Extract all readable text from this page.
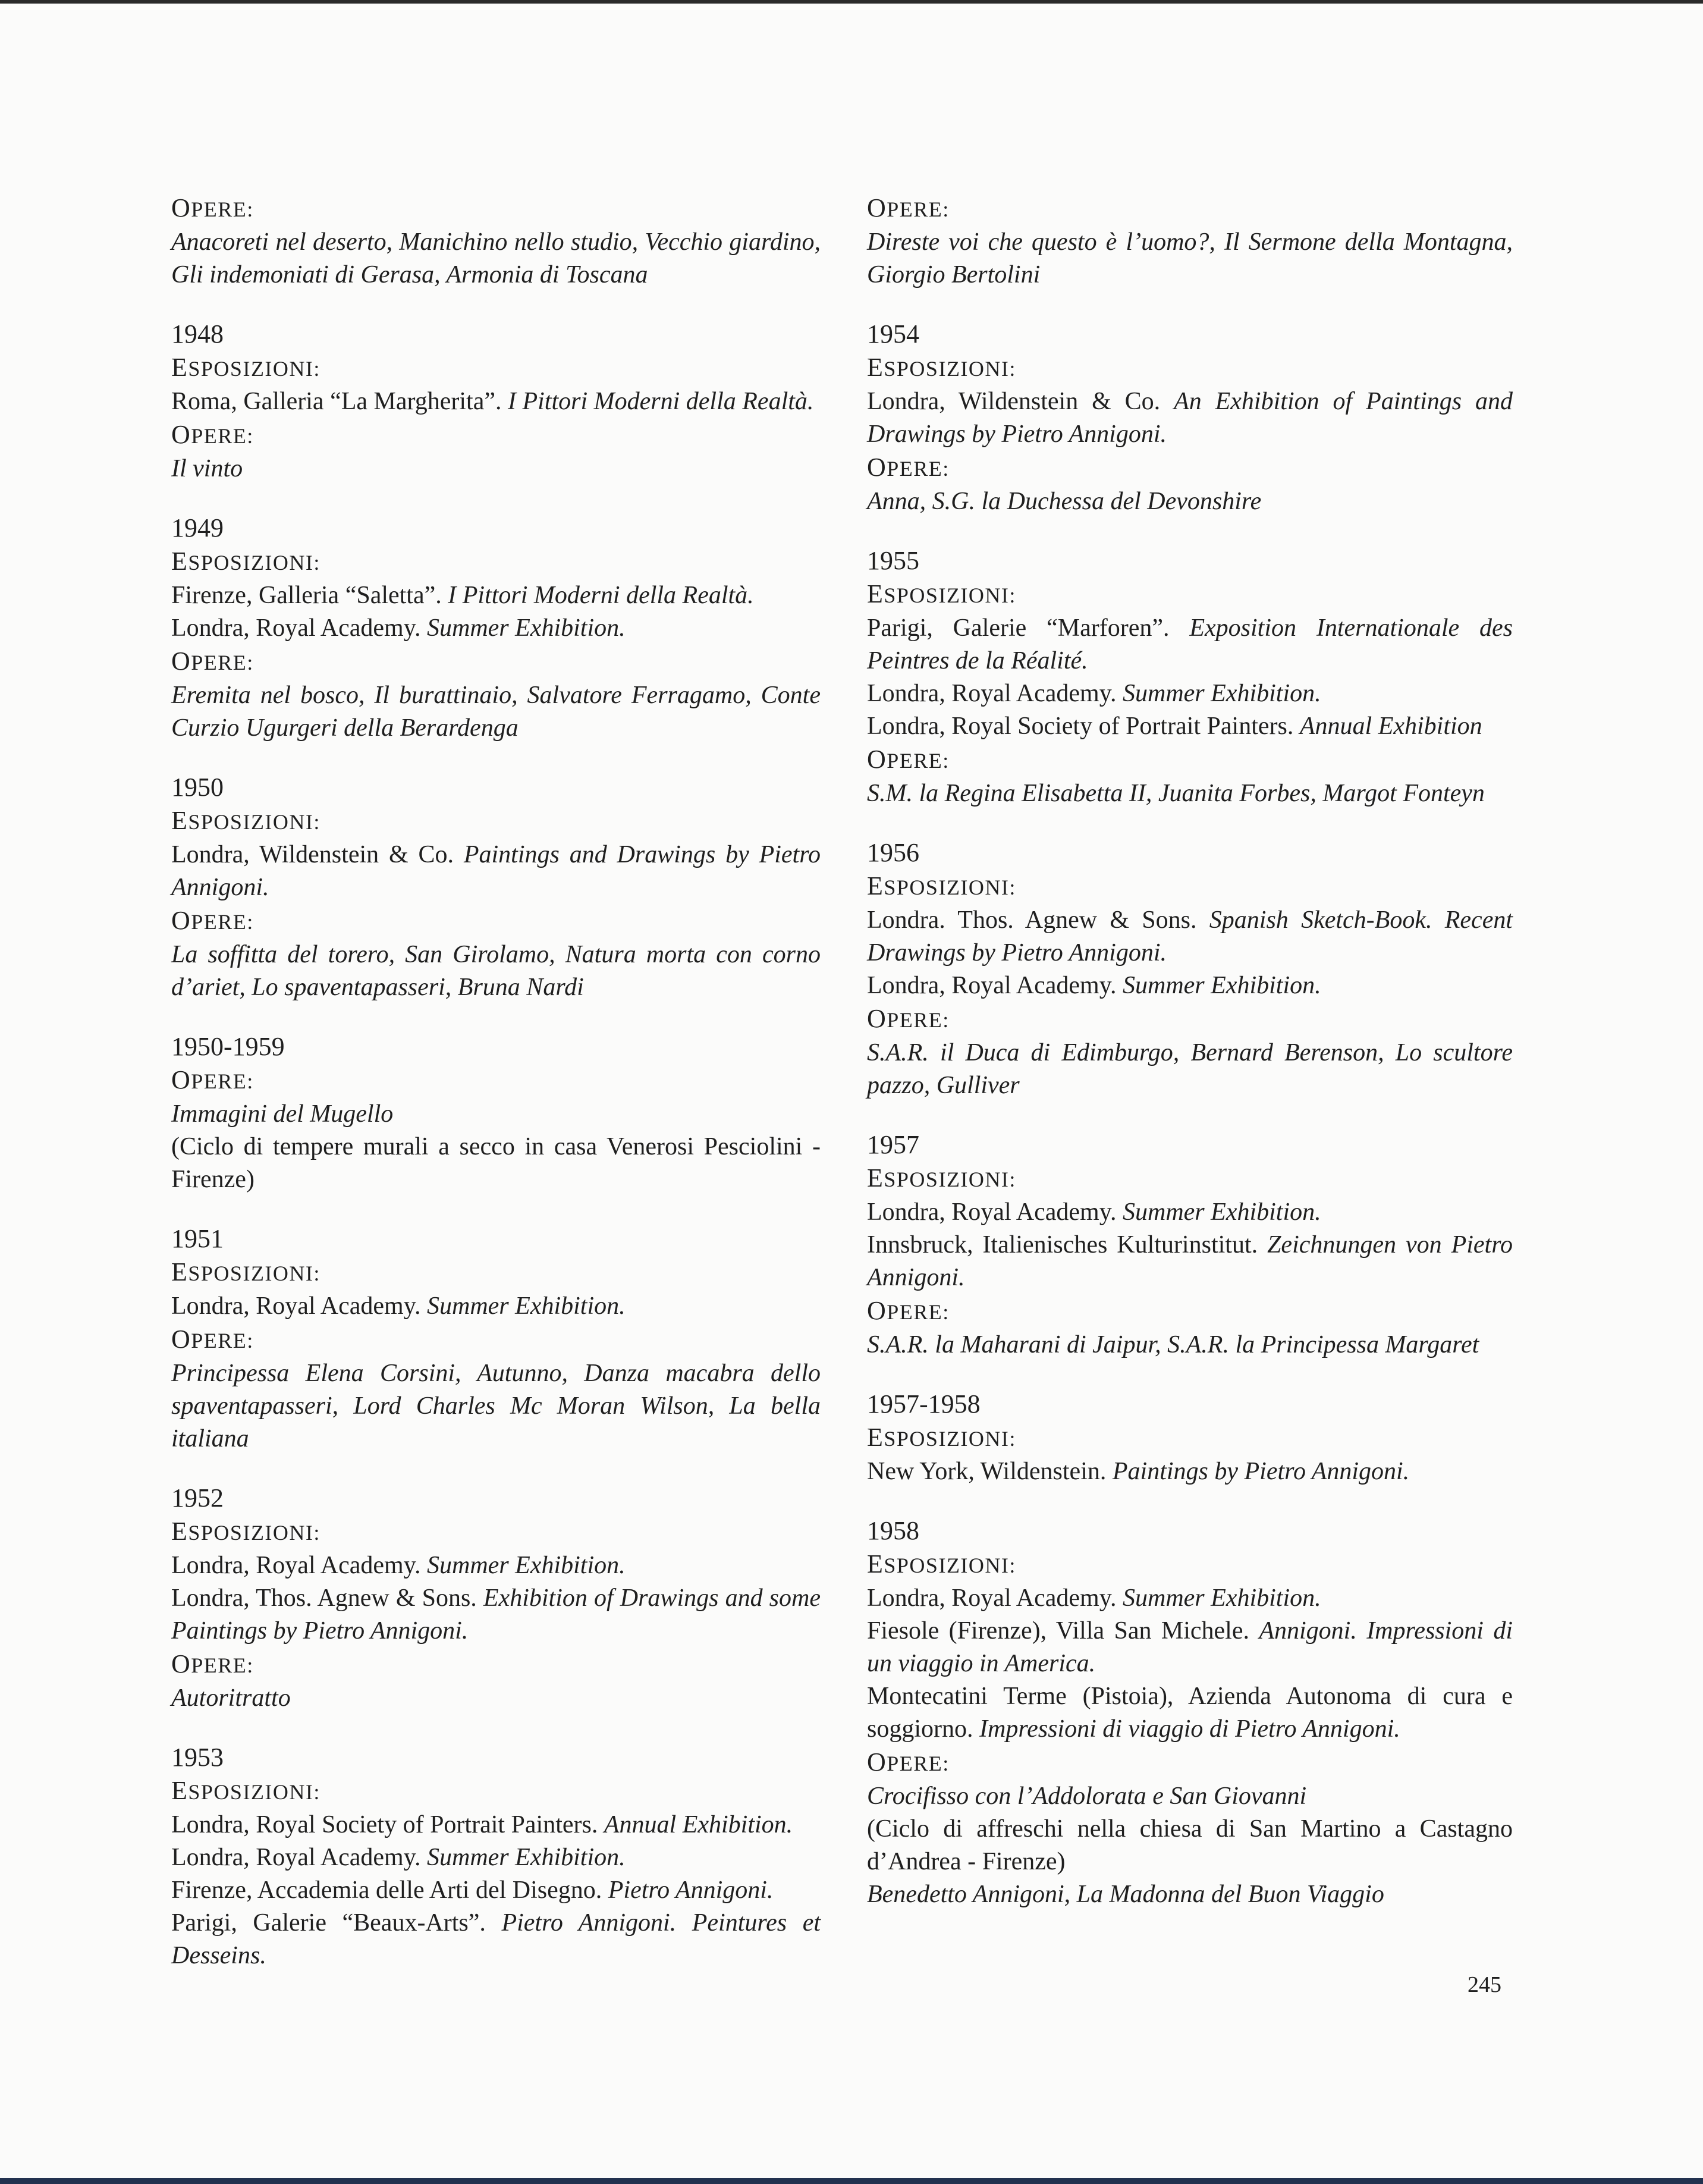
OPERE:
Anacoreti nel deserto, Manichino nello studio, Vecchio giardino, Gli indemoniati di Gerasa, Armonia di Toscana
1948
ESPOSIZIONI:
Roma, Galleria “La Margherita”. I Pittori Moderni della Realtà.
OPERE:
Il vinto
1949
ESPOSIZIONI:
Firenze, Galleria “Saletta”. I Pittori Moderni della Realtà.
Londra, Royal Academy. Summer Exhibition.
OPERE:
Eremita nel bosco, Il burattinaio, Salvatore Ferragamo, Conte Curzio Ugurgeri della Berardenga
1950
ESPOSIZIONI:
Londra, Wildenstein & Co. Paintings and Drawings by Pietro Annigoni.
OPERE:
La soffitta del torero, San Girolamo, Natura morta con corno d’ariet, Lo spaventapasseri, Bruna Nardi
1950-1959
OPERE:
Immagini del Mugello
(Ciclo di tempere murali a secco in casa Venerosi Pesciolini - Firenze)
1951
ESPOSIZIONI:
Londra, Royal Academy. Summer Exhibition.
OPERE:
Principessa Elena Corsini, Autunno, Danza macabra dello spaventapasseri, Lord Charles Mc Moran Wilson, La bella italiana
1952
ESPOSIZIONI:
Londra, Royal Academy. Summer Exhibition.
Londra, Thos. Agnew & Sons. Exhibition of Drawings and some Paintings by Pietro Annigoni.
OPERE:
Autoritratto
1953
ESPOSIZIONI:
Londra, Royal Society of Portrait Painters. Annual Exhibition.
Londra, Royal Academy. Summer Exhibition.
Firenze, Accademia delle Arti del Disegno. Pietro Annigoni.
Parigi, Galerie “Beaux-Arts”. Pietro Annigoni. Peintures et Desseins.
OPERE:
Direste voi che questo è l’uomo?, Il Sermone della Montagna, Giorgio Bertolini
1954
ESPOSIZIONI:
Londra, Wildenstein & Co. An Exhibition of Paintings and Drawings by Pietro Annigoni.
OPERE:
Anna, S.G. la Duchessa del Devonshire
1955
ESPOSIZIONI:
Parigi, Galerie “Marforen”. Exposition Internationale des Peintres de la Réalité.
Londra, Royal Academy. Summer Exhibition.
Londra, Royal Society of Portrait Painters. Annual Exhibition
OPERE:
S.M. la Regina Elisabetta II, Juanita Forbes, Margot Fonteyn
1956
ESPOSIZIONI:
Londra. Thos. Agnew & Sons. Spanish Sketch-Book. Recent Drawings by Pietro Annigoni.
Londra, Royal Academy. Summer Exhibition.
OPERE:
S.A.R. il Duca di Edimburgo, Bernard Berenson, Lo scultore pazzo, Gulliver
1957
ESPOSIZIONI:
Londra, Royal Academy. Summer Exhibition.
Innsbruck, Italienisches Kulturinstitut. Zeichnungen von Pietro Annigoni.
OPERE:
S.A.R. la Maharani di Jaipur, S.A.R. la Principessa Margaret
1957-1958
ESPOSIZIONI:
New York, Wildenstein. Paintings by Pietro Annigoni.
1958
ESPOSIZIONI:
Londra, Royal Academy. Summer Exhibition.
Fiesole (Firenze), Villa San Michele. Annigoni. Impressioni di un viaggio in America.
Montecatini Terme (Pistoia), Azienda Autonoma di cura e soggiorno. Impressioni di viaggio di Pietro Annigoni.
OPERE:
Crocifisso con l’Addolorata e San Giovanni
(Ciclo di affreschi nella chiesa di San Martino a Castagno d’Andrea - Firenze)
Benedetto Annigoni, La Madonna del Buon Viaggio
245
